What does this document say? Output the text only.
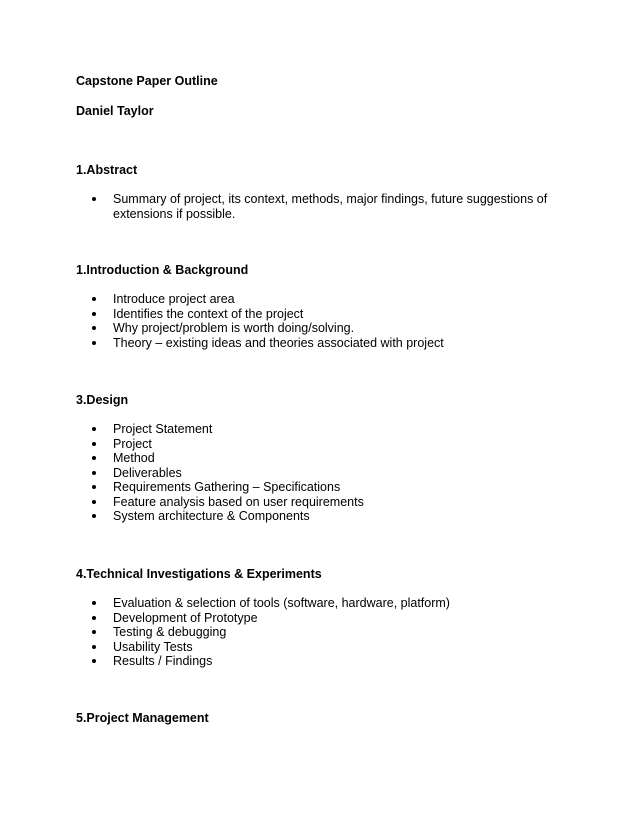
Capstone Paper Outline
Daniel Taylor
1.Abstract
Summary of project, its context, methods, major findings, future suggestions of extensions if possible.
1.Introduction & Background
Introduce project area
Identifies the context of the project
Why project/problem is worth doing/solving.
Theory – existing ideas and theories associated with project
3.Design
Project Statement
Project
Method
Deliverables
Requirements Gathering – Specifications
Feature analysis based on user requirements
System architecture & Components
4.Technical Investigations & Experiments
Evaluation & selection of tools (software, hardware, platform)
Development of Prototype
Testing & debugging
Usability Tests
Results / Findings
5.Project Management
